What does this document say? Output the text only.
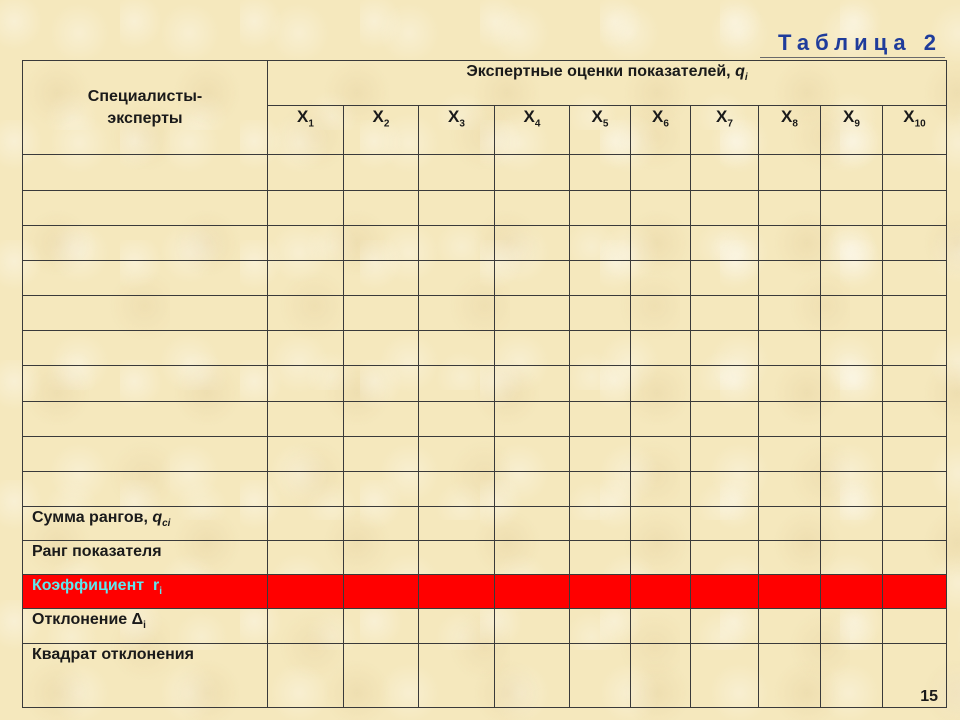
Таблица 2
Специалисты-
эксперты	Экспертные оценки показателей, $q_i$
	$X_1$	$X_2$	$X_3$	$X_4$	$X_5$	$X_6$	$X_7$	$X_8$	$X_9$	$X_{10}$

Сумма рангов, $q_{ci}$										
Ранг показателя										
Коэффициент  $r_i$										
Отклонение $\Delta_i$										
Квадрат отклонения										
15
